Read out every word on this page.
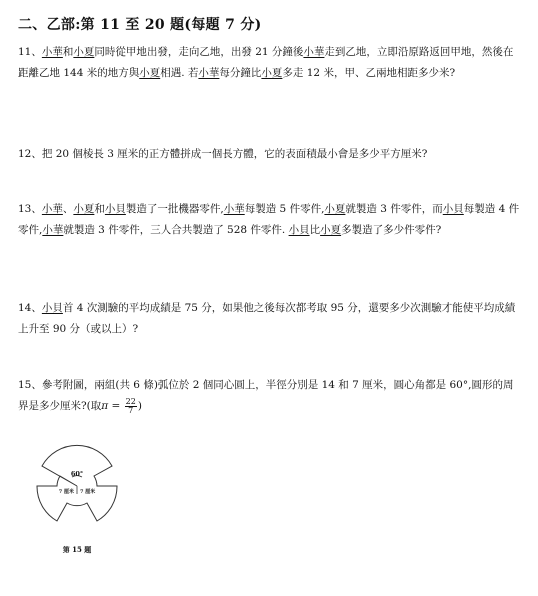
二、乙部:第 11 至 20 題(每題 7 分)
11、小華和小夏同時從甲地出發，走向乙地，出發 21 分鐘後小華走到乙地，立即沿原路返回甲地，然後在距離乙地 144 米的地方與小夏相遇. 若小華每分鐘比小夏多走 12 米，甲、乙兩地相距多少米?
12、把 20 個棱長 3 厘米的正方體拼成一個長方體，它的表面積最小會是多少平方厘米?
13、小華、小夏和小貝製造了一批機器零件,小華每製造 5 件零件,小夏就製造 3 件零件，而小貝每製造 4 件零件,小華就製造 3 件零件，三人合共製造了 528 件零件. 小貝比小夏多製造了多少件零件?
14、小貝首 4 次測驗的平均成績是 75 分，如果他之後每次都考取 95 分，還要多少次測驗才能使平均成績上升至 90 分（或以上）?
15、參考附圖，兩組(共 6 條)弧位於 2 個同心圓上，半徑分別是 14 和 7 厘米，圓心角都是 60°,圓形的周界是多少厘米?(取$\pi = \frac{22}{7}$ )
60°
7 厘米 7 厘米
第 15 題
